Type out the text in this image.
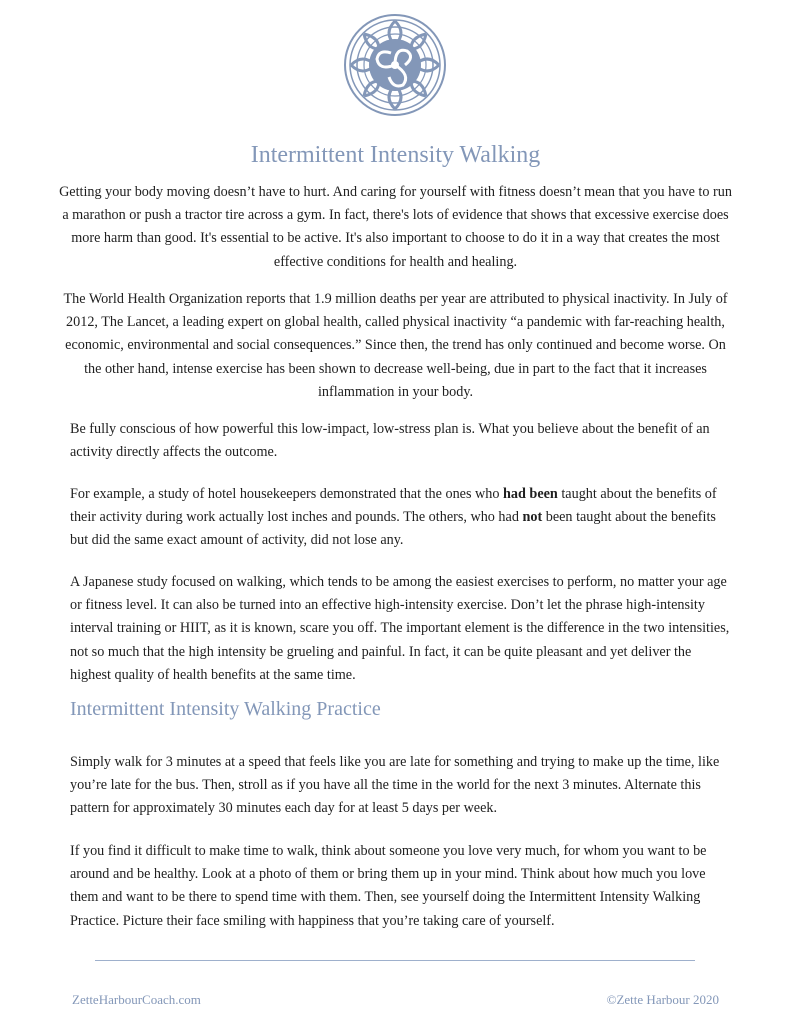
Intermittent Intensity Walking

Getting your body moving doesn’t have to hurt. And caring for yourself with fitness doesn’t mean that you have to run a marathon or push a tractor tire across a gym. In fact, there's lots of evidence that shows that excessive exercise does more harm than good. It's essential to be active. It's also important to choose to do it in a way that creates the most effective conditions for health and healing.

The World Health Organization reports that 1.9 million deaths per year are attributed to physical inactivity. In July of 2012, The Lancet, a leading expert on global health, called physical inactivity “a pandemic with far-reaching health, economic, environmental and social consequences.” Since then, the trend has only continued and become worse. On the other hand, intense exercise has been shown to decrease well-being, due in part to the fact that it increases inflammation in your body.

Be fully conscious of how powerful this low-impact, low-stress plan is. What you believe about the benefit of an activity directly affects the outcome.

For example, a study of hotel housekeepers demonstrated that the ones who had been taught about the benefits of their activity during work actually lost inches and pounds. The others, who had not been taught about the benefits but did the same exact amount of activity, did not lose any.

A Japanese study focused on walking, which tends to be among the easiest exercises to perform, no matter your age or fitness level. It can also be turned into an effective high-intensity exercise. Don’t let the phrase high-intensity interval training or HIIT, as it is known, scare you off. The important element is the difference in the two intensities, not so much that the high intensity be grueling and painful. In fact, it can be quite pleasant and yet deliver the highest quality of health benefits at the same time.

Intermittent Intensity Walking Practice

Simply walk for 3 minutes at a speed that feels like you are late for something and trying to make up the time, like you’re late for the bus. Then, stroll as if you have all the time in the world for the next 3 minutes. Alternate this pattern for approximately 30 minutes each day for at least 5 days per week.

If you find it difficult to make time to walk, think about someone you love very much, for whom you want to be around and be healthy. Look at a photo of them or bring them up in your mind. Think about how much you love them and want to be there to spend time with them. Then, see yourself doing the Intermittent Intensity Walking Practice. Picture their face smiling with happiness that you’re taking care of yourself.

ZetteHarbourCoach.com	©Zette Harbour 2020
